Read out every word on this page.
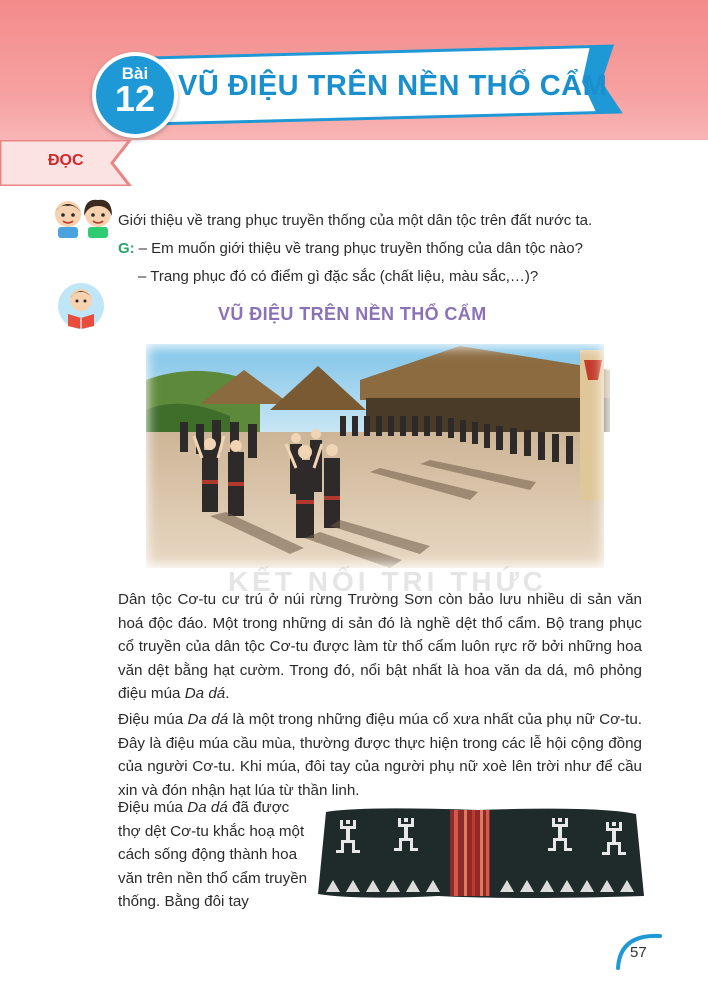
Bài
12 VŨ ĐIỆU TRÊN NỀN THỔ CẨM
ĐỌC
Giới thiệu về trang phục truyền thống của một dân tộc trên đất nước ta.
G: – Em muốn giới thiệu về trang phục truyền thống của dân tộc nào?
– Trang phục đó có điểm gì đặc sắc (chất liệu, màu sắc,…)?
VŨ ĐIỆU TRÊN NỀN THỔ CẨM
KẾT NỐI TRI THỨC
Dân tộc Cơ-tu cư trú ở núi rừng Trường Sơn còn bảo lưu nhiều di sản văn hoá độc đáo. Một trong những di sản đó là nghề dệt thổ cẩm. Bộ trang phục cổ truyền của dân tộc Cơ-tu được làm từ thổ cẩm luôn rực rỡ bởi những hoa văn dệt bằng hạt cườm. Trong đó, nổi bật nhất là hoa văn da dá, mô phỏng điệu múa Da dá.
Điệu múa Da dá là một trong những điệu múa cổ xưa nhất của phụ nữ Cơ-tu. Đây là điệu múa cầu mùa, thường được thực hiện trong các lễ hội cộng đồng của người Cơ-tu. Khi múa, đôi tay của người phụ nữ xoè lên trời như để cầu xin và đón nhận hạt lúa từ thần linh.
Điệu múa Da dá đã được thợ dệt Cơ-tu khắc hoạ một cách sống động thành hoa văn trên nền thổ cẩm truyền thống. Bằng đôi tay
57
